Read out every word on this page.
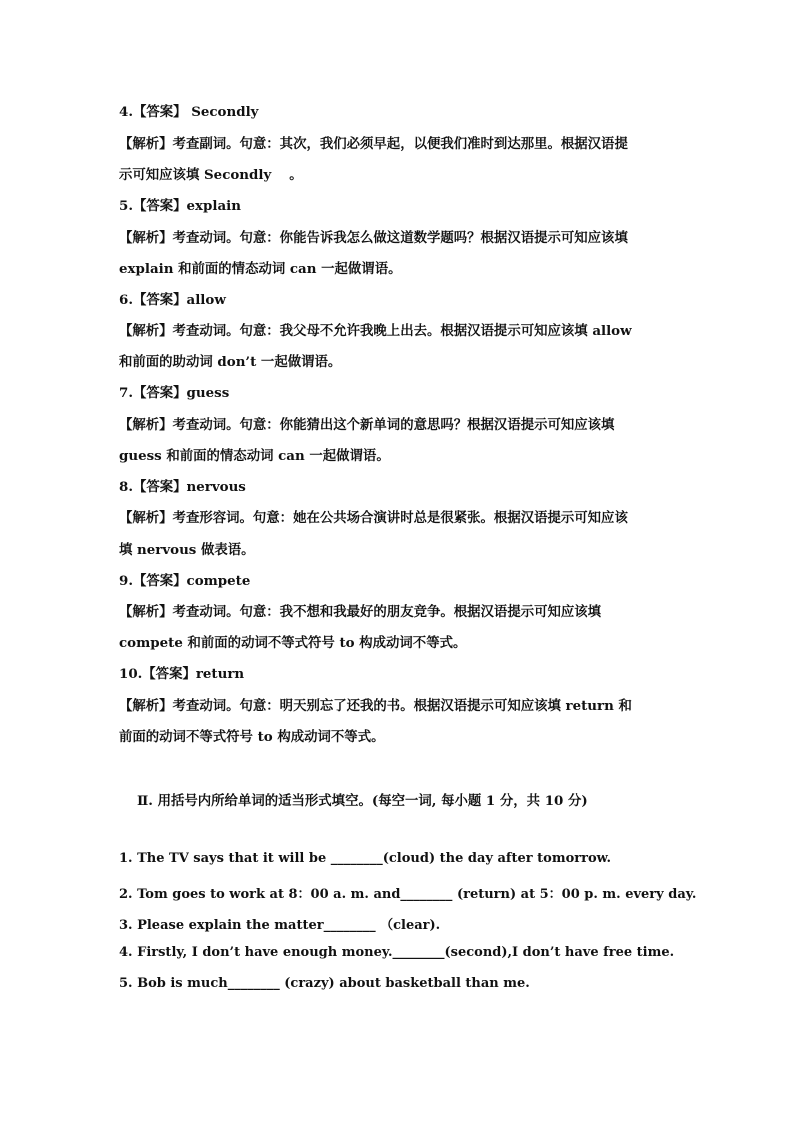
4.【答案】 Secondly
【解析】考查副词。句意：其次，我们必须早起，以便我们准时到达那里。根据汉语提
示可知应该填 Secondly　 。
5.【答案】explain
【解析】考查动词。句意：你能告诉我怎么做这道数学题吗？根据汉语提示可知应该填
explain 和前面的情态动词 can 一起做谓语。
6.【答案】allow
【解析】考查动词。句意：我父母不允许我晚上出去。根据汉语提示可知应该填 allow
和前面的助动词 don’t 一起做谓语。
7.【答案】guess
【解析】考查动词。句意：你能猜出这个新单词的意思吗？根据汉语提示可知应该填
guess 和前面的情态动词 can 一起做谓语。
8.【答案】nervous
【解析】考查形容词。句意：她在公共场合演讲时总是很紧张。根据汉语提示可知应该
填 nervous 做表语。
9.【答案】compete
【解析】考查动词。句意：我不想和我最好的朋友竞争。根据汉语提示可知应该填
compete 和前面的动词不等式符号 to 构成动词不等式。
10.【答案】return
【解析】考查动词。句意：明天别忘了还我的书。根据汉语提示可知应该填 return 和
前面的动词不等式符号 to 构成动词不等式。
Ⅱ. 用括号内所给单词的适当形式填空。(每空一词, 每小题 1 分，共 10 分)
1. The TV says that it will be ________(cloud) the day after tomorrow.
2. Tom goes to work at 8：00 a. m. and________ (return) at 5：00 p. m. every day.
3. Please explain the matter________ （clear).
4. Firstly, I don’t have enough money.________(second),I don’t have free time.
5. Bob is much________ (crazy) about basketball than me.
